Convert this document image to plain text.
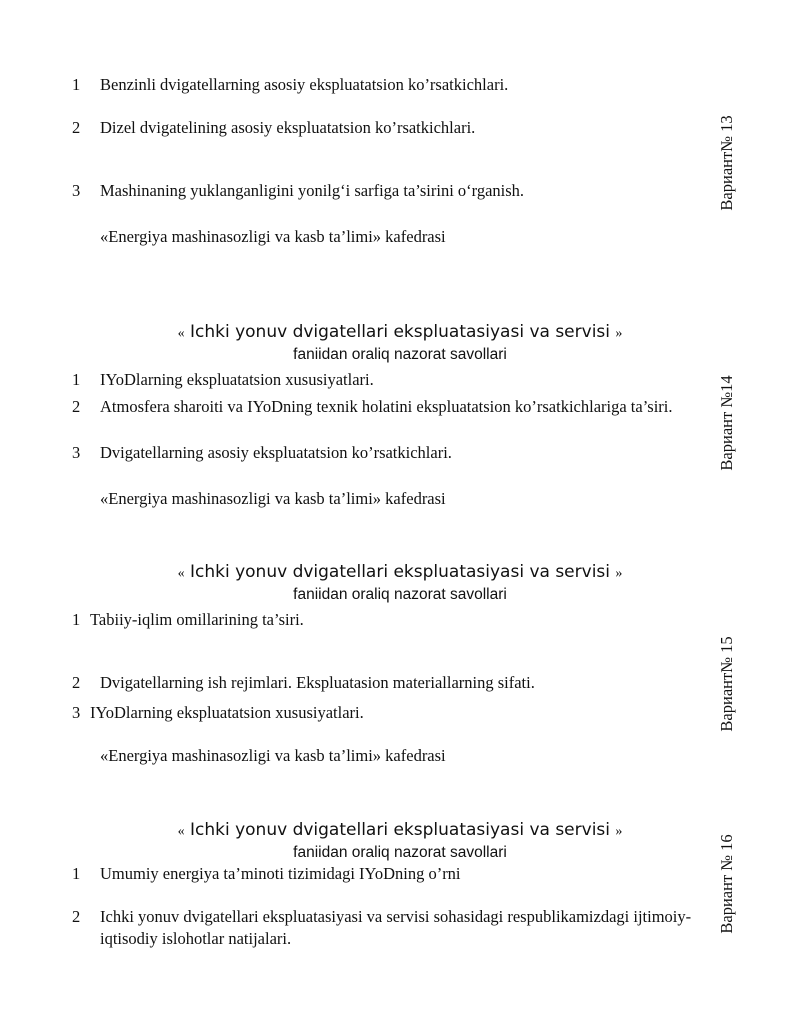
1 Benzinli dvigatellarning asosiy ekspluatatsion ko’rsatkichlari.
2 Dizel dvigatelining asosiy ekspluatatsion ko’rsatkichlari.
3 Mashinaning yuklanganligini yonilg‘i sarfiga ta’sirini o‘rganish.
«Energiya mashinasozligi va kasb ta’limi» kafedrasi
Вариант№ 13
« Ichki yonuv dvigatellari ekspluatasiyasi va servisi »
faniidan oraliq nazorat savollari
1 IYoDlarning ekspluatatsion xususiyatlari.
2 Atmosfera sharoiti va IYoDning texnik holatini ekspluatatsion ko’rsatkichlariga ta’siri.
3 Dvigatellarning asosiy ekspluatatsion ko’rsatkichlari.
«Energiya mashinasozligi va kasb ta’limi» kafedrasi
Вариант №14
« Ichki yonuv dvigatellari ekspluatasiyasi va servisi »
faniidan oraliq nazorat savollari
1 Tabiiy-iqlim omillarining ta’siri.
2 Dvigatellarning ish rejimlari. Ekspluatasion materiallarning sifati.
3 IYoDlarning ekspluatatsion xususiyatlari.
«Energiya mashinasozligi va kasb ta’limi» kafedrasi
Вариант№ 15
« Ichki yonuv dvigatellari ekspluatasiyasi va servisi »
faniidan oraliq nazorat savollari
1 Umumiy energiya ta’minoti tizimidagi IYoDning o’rni
2 Ichki yonuv dvigatellari ekspluatasiyasi va servisi sohasidagi respublikamizdagi ijtimoiy-iqtisodiy islohotlar natijalari.
Вариант № 16
